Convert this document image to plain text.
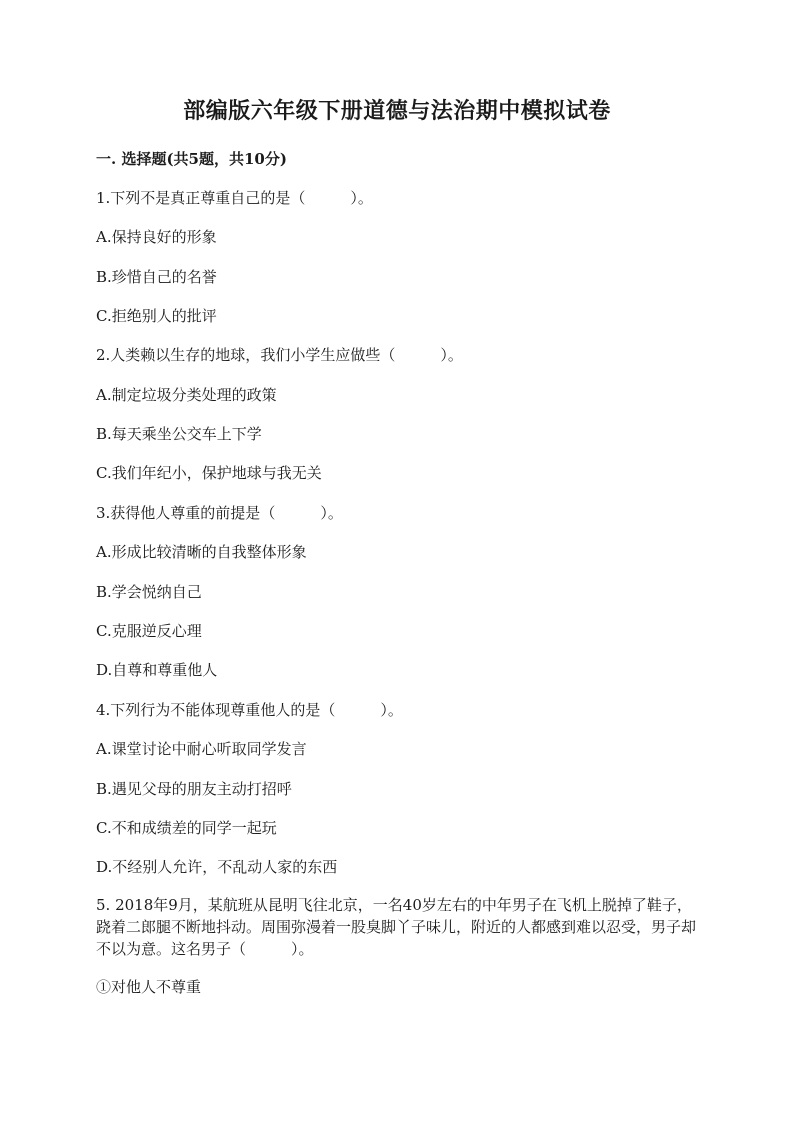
部编版六年级下册道德与法治期中模拟试卷
一. 选择题(共5题，共10分)
1.下列不是真正尊重自己的是（　　　）。
A.保持良好的形象
B.珍惜自己的名誉
C.拒绝别人的批评
2.人类赖以生存的地球，我们小学生应做些（　　　）。
A.制定垃圾分类处理的政策
B.每天乘坐公交车上下学
C.我们年纪小，保护地球与我无关
3.获得他人尊重的前提是（　　　）。
A.形成比较清晰的自我整体形象
B.学会悦纳自己
C.克服逆反心理
D.自尊和尊重他人
4.下列行为不能体现尊重他人的是（　　　）。
A.课堂讨论中耐心听取同学发言
B.遇见父母的朋友主动打招呼
C.不和成绩差的同学一起玩
D.不经别人允许，不乱动人家的东西
5. 2018年9月，某航班从昆明飞往北京，一名40岁左右的中年男子在飞机上脱掉了鞋子，跷着二郎腿不断地抖动。周围弥漫着一股臭脚丫子味儿，附近的人都感到难以忍受，男子却不以为意。这名男子（　　　）。
①对他人不尊重
